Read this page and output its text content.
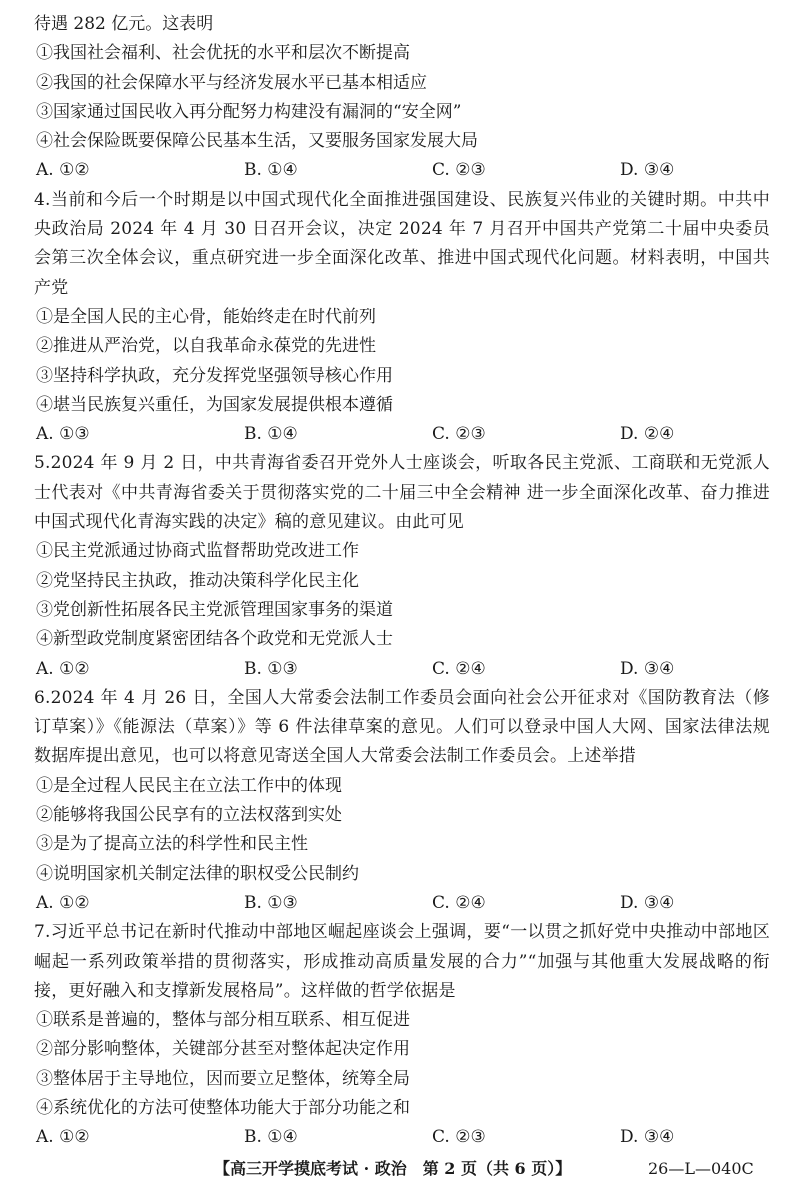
待遇 282 亿元。这表明
①我国社会福利、社会优抚的水平和层次不断提高
②我国的社会保障水平与经济发展水平已基本相适应
③国家通过国民收入再分配努力构建没有漏洞的“安全网”
④社会保险既要保障公民基本生活，又要服务国家发展大局
A. ①②	B. ①④	C. ②③	D. ③④
4.当前和今后一个时期是以中国式现代化全面推进强国建设、民族复兴伟业的关键时期。中共中央政治局 2024 年 4 月 30 日召开会议，决定 2024 年 7 月召开中国共产党第二十届中央委员会第三次全体会议，重点研究进一步全面深化改革、推进中国式现代化问题。材料表明，中国共产党
①是全国人民的主心骨，能始终走在时代前列
②推进从严治党，以自我革命永葆党的先进性
③坚持科学执政，充分发挥党坚强领导核心作用
④堪当民族复兴重任，为国家发展提供根本遵循
A. ①③	B. ①④	C. ②③	D. ②④
5.2024 年 9 月 2 日，中共青海省委召开党外人士座谈会，听取各民主党派、工商联和无党派人士代表对《中共青海省委关于贯彻落实党的二十届三中全会精神 进一步全面深化改革、奋力推进中国式现代化青海实践的决定》稿的意见建议。由此可见
①民主党派通过协商式监督帮助党改进工作
②党坚持民主执政，推动决策科学化民主化
③党创新性拓展各民主党派管理国家事务的渠道
④新型政党制度紧密团结各个政党和无党派人士
A. ①②	B. ①③	C. ②④	D. ③④
6.2024 年 4 月 26 日，全国人大常委会法制工作委员会面向社会公开征求对《国防教育法（修订草案）》《能源法（草案）》等 6 件法律草案的意见。人们可以登录中国人大网、国家法律法规数据库提出意见，也可以将意见寄送全国人大常委会法制工作委员会。上述举措
①是全过程人民民主在立法工作中的体现
②能够将我国公民享有的立法权落到实处
③是为了提高立法的科学性和民主性
④说明国家机关制定法律的职权受公民制约
A. ①②	B. ①③	C. ②④	D. ③④
7.习近平总书记在新时代推动中部地区崛起座谈会上强调，要“一以贯之抓好党中央推动中部地区崛起一系列政策举措的贯彻落实，形成推动高质量发展的合力”“加强与其他重大发展战略的衔接，更好融入和支撑新发展格局”。这样做的哲学依据是
①联系是普遍的，整体与部分相互联系、相互促进
②部分影响整体，关键部分甚至对整体起决定作用
③整体居于主导地位，因而要立足整体，统筹全局
④系统优化的方法可使整体功能大于部分功能之和
A. ①②	B. ①④	C. ②③	D. ③④
【高三开学摸底考试 · 政治　第 2 页（共 6 页）】	26—L—040C
